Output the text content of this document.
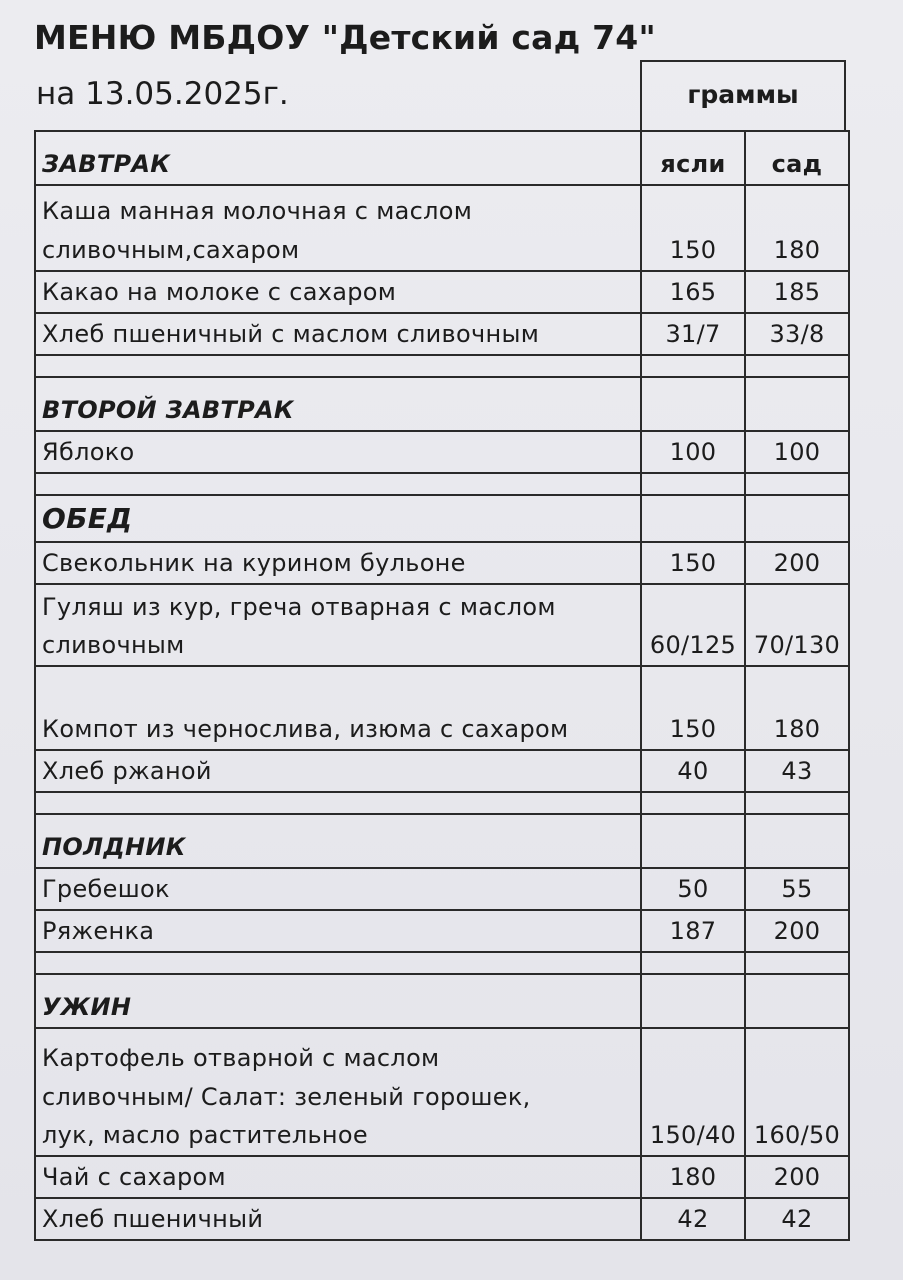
МЕНЮ МБДОУ "Детский сад 74"
на 13.05.2025г.	граммы
ЗАВТРАК	ясли	сад
Каша манная молочная с маслом сливочным,сахаром	150	180
Какао на молоке с сахаром	165	185
Хлеб пшеничный с маслом сливочным	31/7	33/8

ВТОРОЙ ЗАВТРАК		
Яблоко	100	100

ОБЕД		
Свекольник на курином бульоне	150	200
Гуляш из кур, греча отварная с маслом сливочным	60/125	70/130
Компот из чернослива, изюма с сахаром	150	180
Хлеб ржаной	40	43

ПОЛДНИК		
Гребешок	50	55
Ряженка	187	200

УЖИН		
Картофель отварной с маслом сливочным/ Салат: зеленый горошек, лук, масло растительное	150/40	160/50
Чай с сахаром	180	200
Хлеб пшеничный	42	42
